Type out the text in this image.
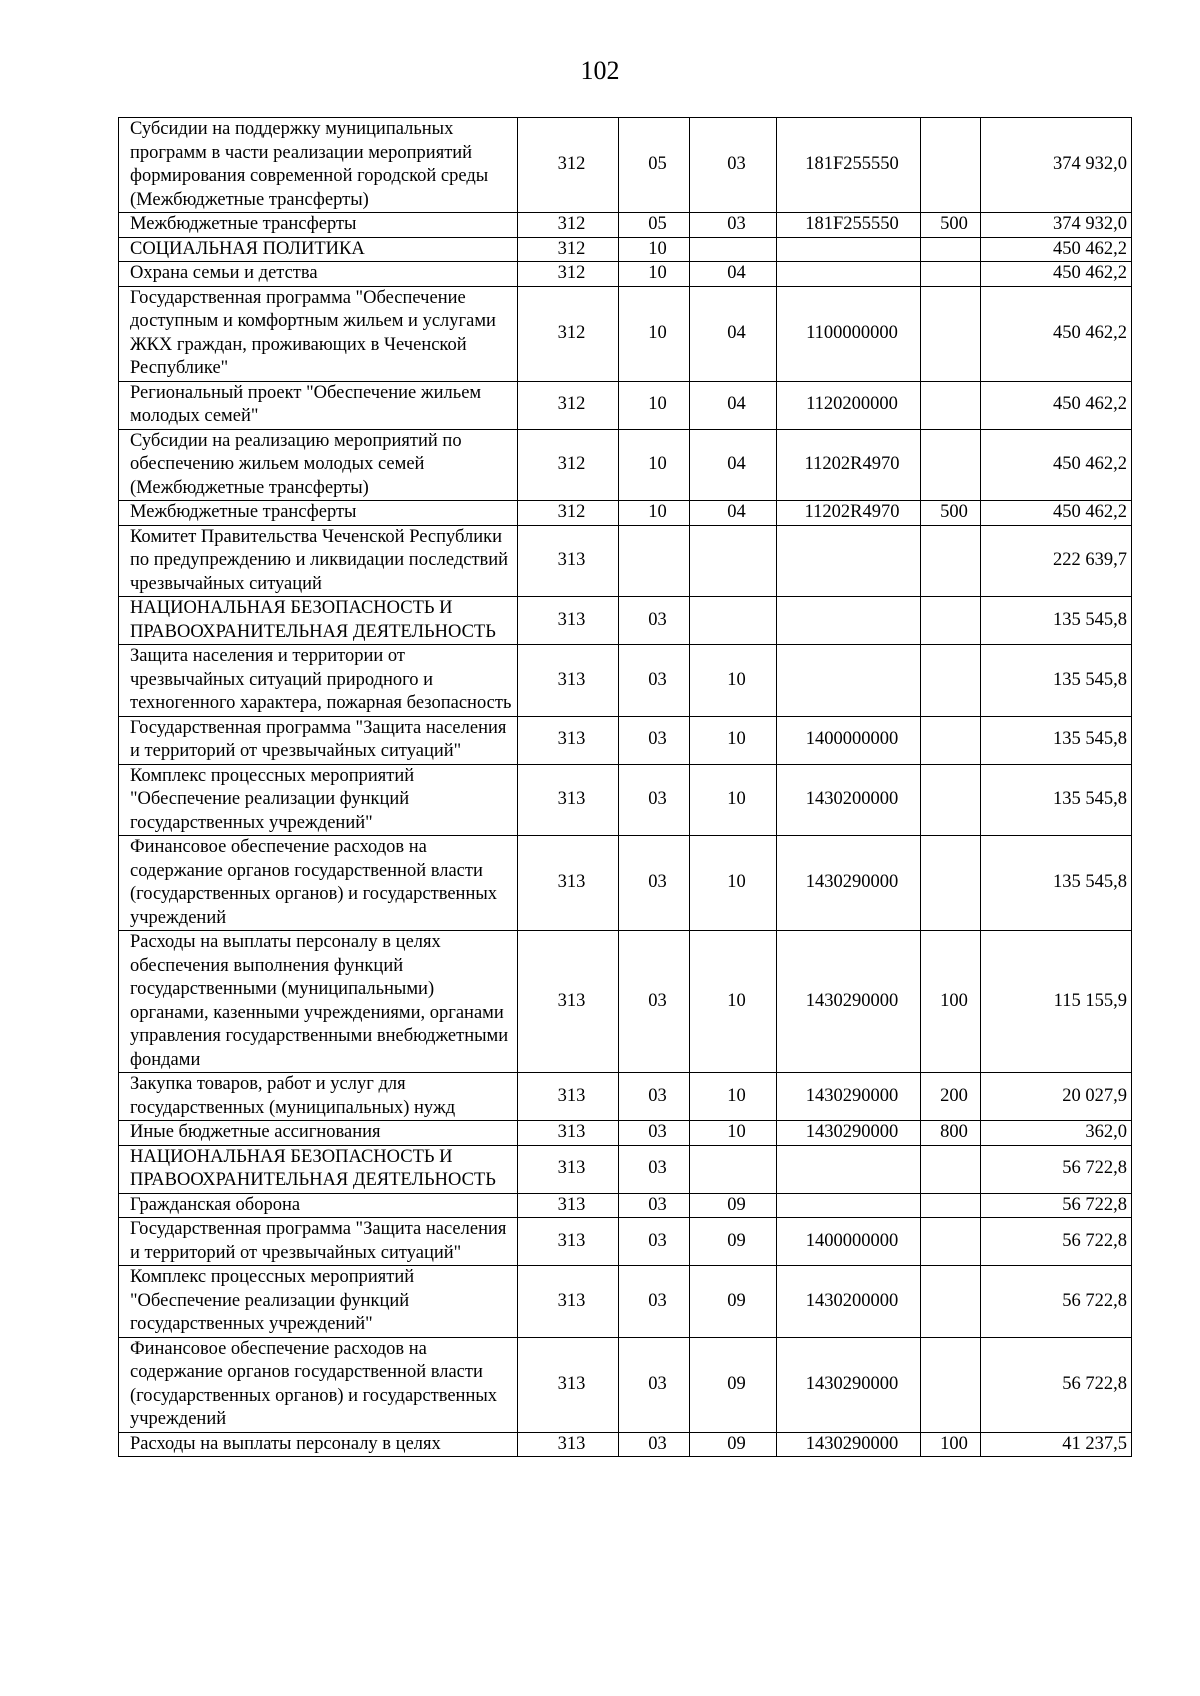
102
Субсидии на поддержку муниципальных программ в части реализации мероприятий формирования современной городской среды (Межбюджетные трансферты)	312	05	03	181F255550		374 932,0
Межбюджетные трансферты	312	05	03	181F255550	500	374 932,0
СОЦИАЛЬНАЯ ПОЛИТИКА	312	10				450 462,2
Охрана семьи и детства	312	10	04			450 462,2
Государственная программа "Обеспечение доступным и комфортным жильем и услугами ЖКХ граждан, проживающих в Чеченской Республике"	312	10	04	1100000000		450 462,2
Региональный проект "Обеспечение жильем молодых семей"	312	10	04	1120200000		450 462,2
Субсидии на реализацию мероприятий по обеспечению жильем молодых семей (Межбюджетные трансферты)	312	10	04	11202R4970		450 462,2
Межбюджетные трансферты	312	10	04	11202R4970	500	450 462,2
Комитет Правительства Чеченской Республики по предупреждению и ликвидации последствий чрезвычайных ситуаций	313					222 639,7
НАЦИОНАЛЬНАЯ БЕЗОПАСНОСТЬ И ПРАВООХРАНИТЕЛЬНАЯ ДЕЯТЕЛЬНОСТЬ	313	03				135 545,8
Защита населения и территории от чрезвычайных ситуаций природного и техногенного характера, пожарная безопасность	313	03	10			135 545,8
Государственная программа "Защита населения и территорий от чрезвычайных ситуаций"	313	03	10	1400000000		135 545,8
Комплекс процессных мероприятий "Обеспечение реализации функций государственных учреждений"	313	03	10	1430200000		135 545,8
Финансовое обеспечение расходов на содержание органов государственной власти (государственных органов) и государственных учреждений	313	03	10	1430290000		135 545,8
Расходы на выплаты персоналу в целях обеспечения выполнения функций государственными (муниципальными) органами, казенными учреждениями, органами управления государственными внебюджетными фондами	313	03	10	1430290000	100	115 155,9
Закупка товаров, работ и услуг для государственных (муниципальных) нужд	313	03	10	1430290000	200	20 027,9
Иные бюджетные ассигнования	313	03	10	1430290000	800	362,0
НАЦИОНАЛЬНАЯ БЕЗОПАСНОСТЬ И ПРАВООХРАНИТЕЛЬНАЯ ДЕЯТЕЛЬНОСТЬ	313	03				56 722,8
Гражданская оборона	313	03	09			56 722,8
Государственная программа "Защита населения и территорий от чрезвычайных ситуаций"	313	03	09	1400000000		56 722,8
Комплекс процессных мероприятий "Обеспечение реализации функций государственных учреждений"	313	03	09	1430200000		56 722,8
Финансовое обеспечение расходов на содержание органов государственной власти (государственных органов) и государственных учреждений	313	03	09	1430290000		56 722,8
Расходы на выплаты персоналу в целях	313	03	09	1430290000	100	41 237,5
